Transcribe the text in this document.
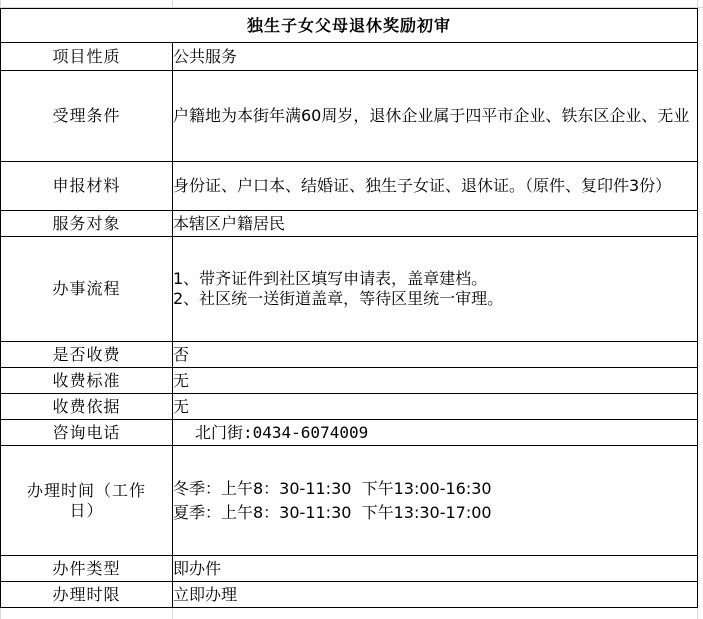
独生子女父母退休奖励初审	
项目性质	公共服务
受理条件	户籍地为本街年满60周岁，退休企业属于四平市企业、铁东区企业、无业
申报材料	身份证、户口本、结婚证、独生子女证、退休证。（原件、复印件3份）
服务对象	本辖区户籍居民
办事流程	1、带齐证件到社区填写申请表，盖章建档。
2、社区统一送街道盖章，等待区里统一审理。

是否收费	否
收费标准	无
收费依据	无
咨询电话	北门街:0434-6074009
办理时间（工作日）	冬季：上午8：30-11:30  下午13:00-16:30
夏季：上午8：30-11:30  下午13:30-17:00

办件类型	即办件
办理时限	立即办理
